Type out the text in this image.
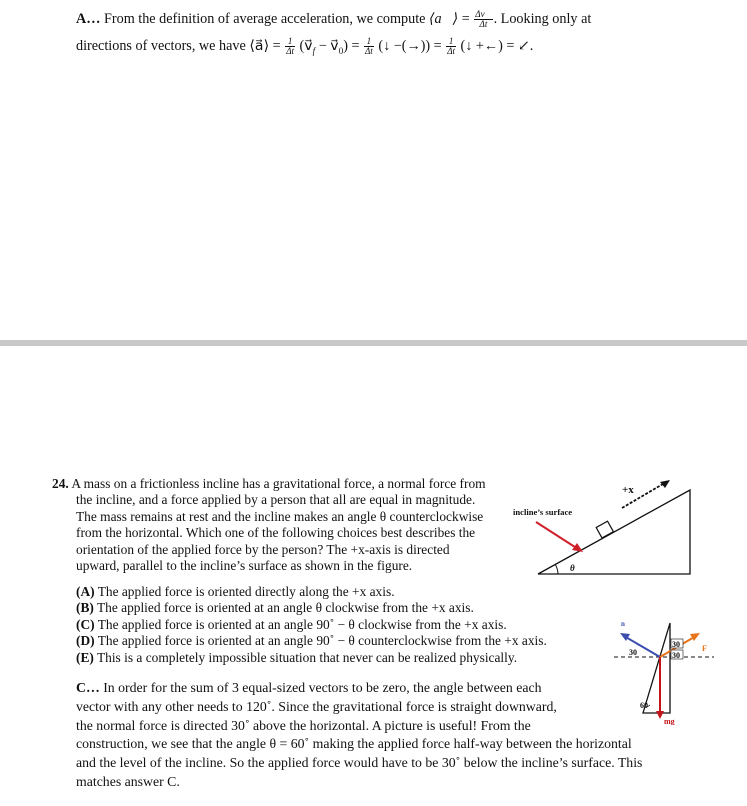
A… From the definition of average acceleration, we compute ⟨a⃗⟩ = $\frac{\Delta v⃗}{\Delta t}$ . Looking only at
directions of vectors, we have ⟨a⃗⟩ = $\frac{1}{\Delta t}$ ($v⃗_f$ − $v⃗_0) = \frac{1}{\Delta t}$ (↓ −(→)) = $\frac{1}{\Delta t}$ (↓ +←) = ↙.
24. A mass on a frictionless incline has a gravitational force, a normal force from
the incline, and a force applied by a person that all are equal in magnitude.
The mass remains at rest and the incline makes an angle θ counterclockwise
from the horizontal. Which one of the following choices best describes the
orientation of the applied force by the person? The +x-axis is directed
upward, parallel to the incline’s surface as shown in the figure.	θ
+x
incline’s surface
(A) The applied force is oriented directly along the +x axis.
(B) The applied force is oriented at an angle θ clockwise from the +x axis.
(C) The applied force is oriented at an angle 90˚ − θ clockwise from the +x axis.
(D) The applied force is oriented at an angle 90˚ − θ counterclockwise from the +x axis.
(E) This is a completely impossible situation that never can be realized physically.
n
F
mg
30
30
30
60
C… In order for the sum of 3 equal-sized vectors to be zero, the angle between each
vector with any other needs to 120˚. Since the gravitational force is straight downward,
the normal force is directed 30˚ above the horizontal. A picture is useful! From the
construction, we see that the angle θ = 60˚ making the applied force half-way between the horizontal
and the level of the incline. So the applied force would have to be 30˚ below the incline’s surface. This
matches answer C.
